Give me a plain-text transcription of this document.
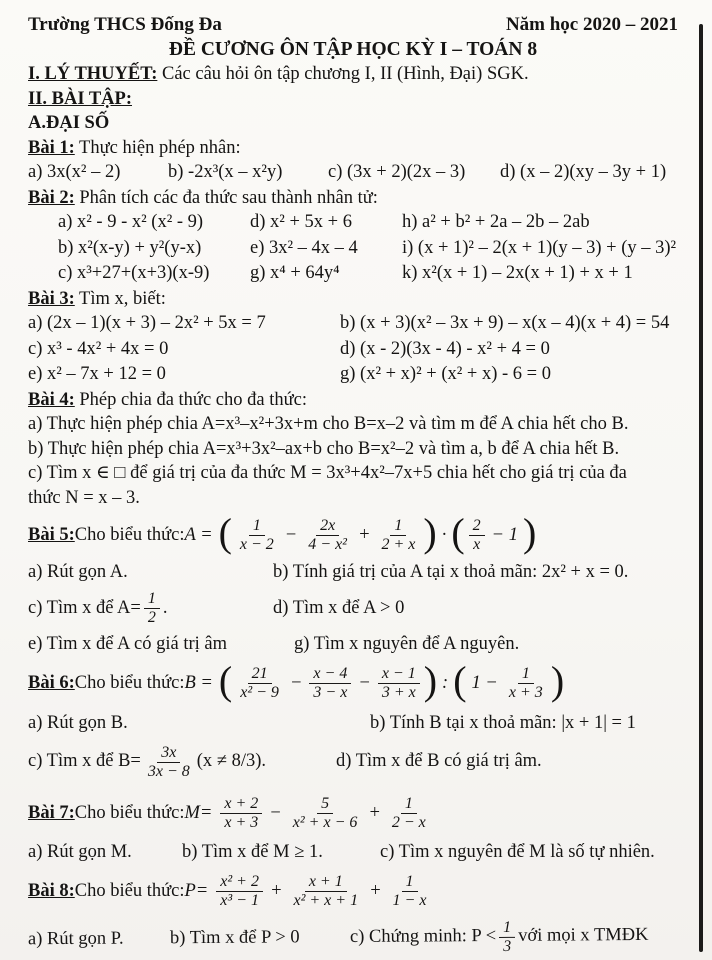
Trường THCS Đống Đa	Năm học 2020 – 2021
ĐỀ CƯƠNG ÔN TẬP HỌC KỲ I – TOÁN 8
I. LÝ THUYẾT: Các câu hỏi ôn tập chương I, II (Hình, Đại) SGK.
II. BÀI TẬP:
A.ĐẠI SỐ
Bài 1: Thực hiện phép nhân:
a) 3x(x² – 2)	b) -2x³(x – x²y)	c) (3x + 2)(2x – 3)	d) (x – 2)(xy – 3y + 1)
Bài 2: Phân tích các đa thức sau thành nhân tử:
a) x² - 9 - x² (x² - 9)	d) x² + 5x + 6	h) a² + b² + 2a – 2b – 2ab
b) x²(x-y) + y²(y-x)	e) 3x² – 4x – 4	i) (x + 1)² – 2(x + 1)(y – 3) + (y – 3)²
c) x³+27+(x+3)(x-9)	g) x⁴ + 64y⁴	k) x²(x + 1) – 2x(x + 1) + x + 1
Bài 3: Tìm x, biết:
a) (2x – 1)(x + 3) – 2x² + 5x = 7	b) (x + 3)(x² – 3x + 9) – x(x – 4)(x + 4) = 54
c) x³ - 4x² + 4x = 0	d) (x - 2)(3x - 4) - x² + 4 = 0
e) x² – 7x + 12 = 0	g) (x² + x)² + (x² + x) - 6 = 0
Bài 4: Phép chia đa thức cho đa thức:
a) Thực hiện phép chia A=x³–x²+3x+m cho B=x–2 và tìm m để A chia hết cho B.
b) Thực hiện phép chia A=x³+3x²–ax+b cho B=x²–2 và tìm a, b để A chia hết B.
c) Tìm x ∈ □ để giá trị của đa thức M = 3x³+4x²–7x+5 chia hết cho giá trị của đa
thức N = x – 3.
Bài 5: Cho biểu thức: A = ( $\frac{1}{x - 2} - \frac{2x}{\text{4 − x²}} + \frac{1}{2 + x}$ ) · ( $\frac{2}{x} - 1$ )
a) Rút gọn A.	b) Tính giá trị của A tại x thoả mãn: 2x² + x = 0.
c) Tìm x để $A= \frac{1}{2}$ .	d) Tìm x để A > 0
e) Tìm x để A có giá trị âm	g) Tìm x nguyên để A nguyên.
Bài 6: Cho biểu thức: B = ( $\frac{21}{\text{x² − 9}} - \frac{x - 4}{3 - x} - \frac{x - 1}{3 + x}$ ) : ( $1 - \frac{1}{x + 3}$ )
a) Rút gọn B.	b) Tính B tại x thoả mãn: |x + 1| = 1
c) Tìm x để $B= \frac{3x}{3x - 8} (x \ne 8/3)$.	d) Tìm x để B có giá trị âm.
Bài 7: Cho biểu thức: $M= \frac{x + 2}{x + 3} - \frac{5}{\text{x² + x − 6}} + \frac{1}{2 - x}$
a) Rút gọn M.	b) Tìm x để M ≥ 1.	c) Tìm x nguyên để M là số tự nhiên.
Bài 8: Cho biểu thức: $P= \frac{\text{x² + 2}}{\text{x³ − 1}} + \frac{x + 1}{\text{x² + x + 1}} + \frac{1}{1 - x}$
a) Rút gọn P.	b) Tìm x để P > 0	c) Chứng minh: $P < \frac{1}{3}$ với mọi x TMĐK
